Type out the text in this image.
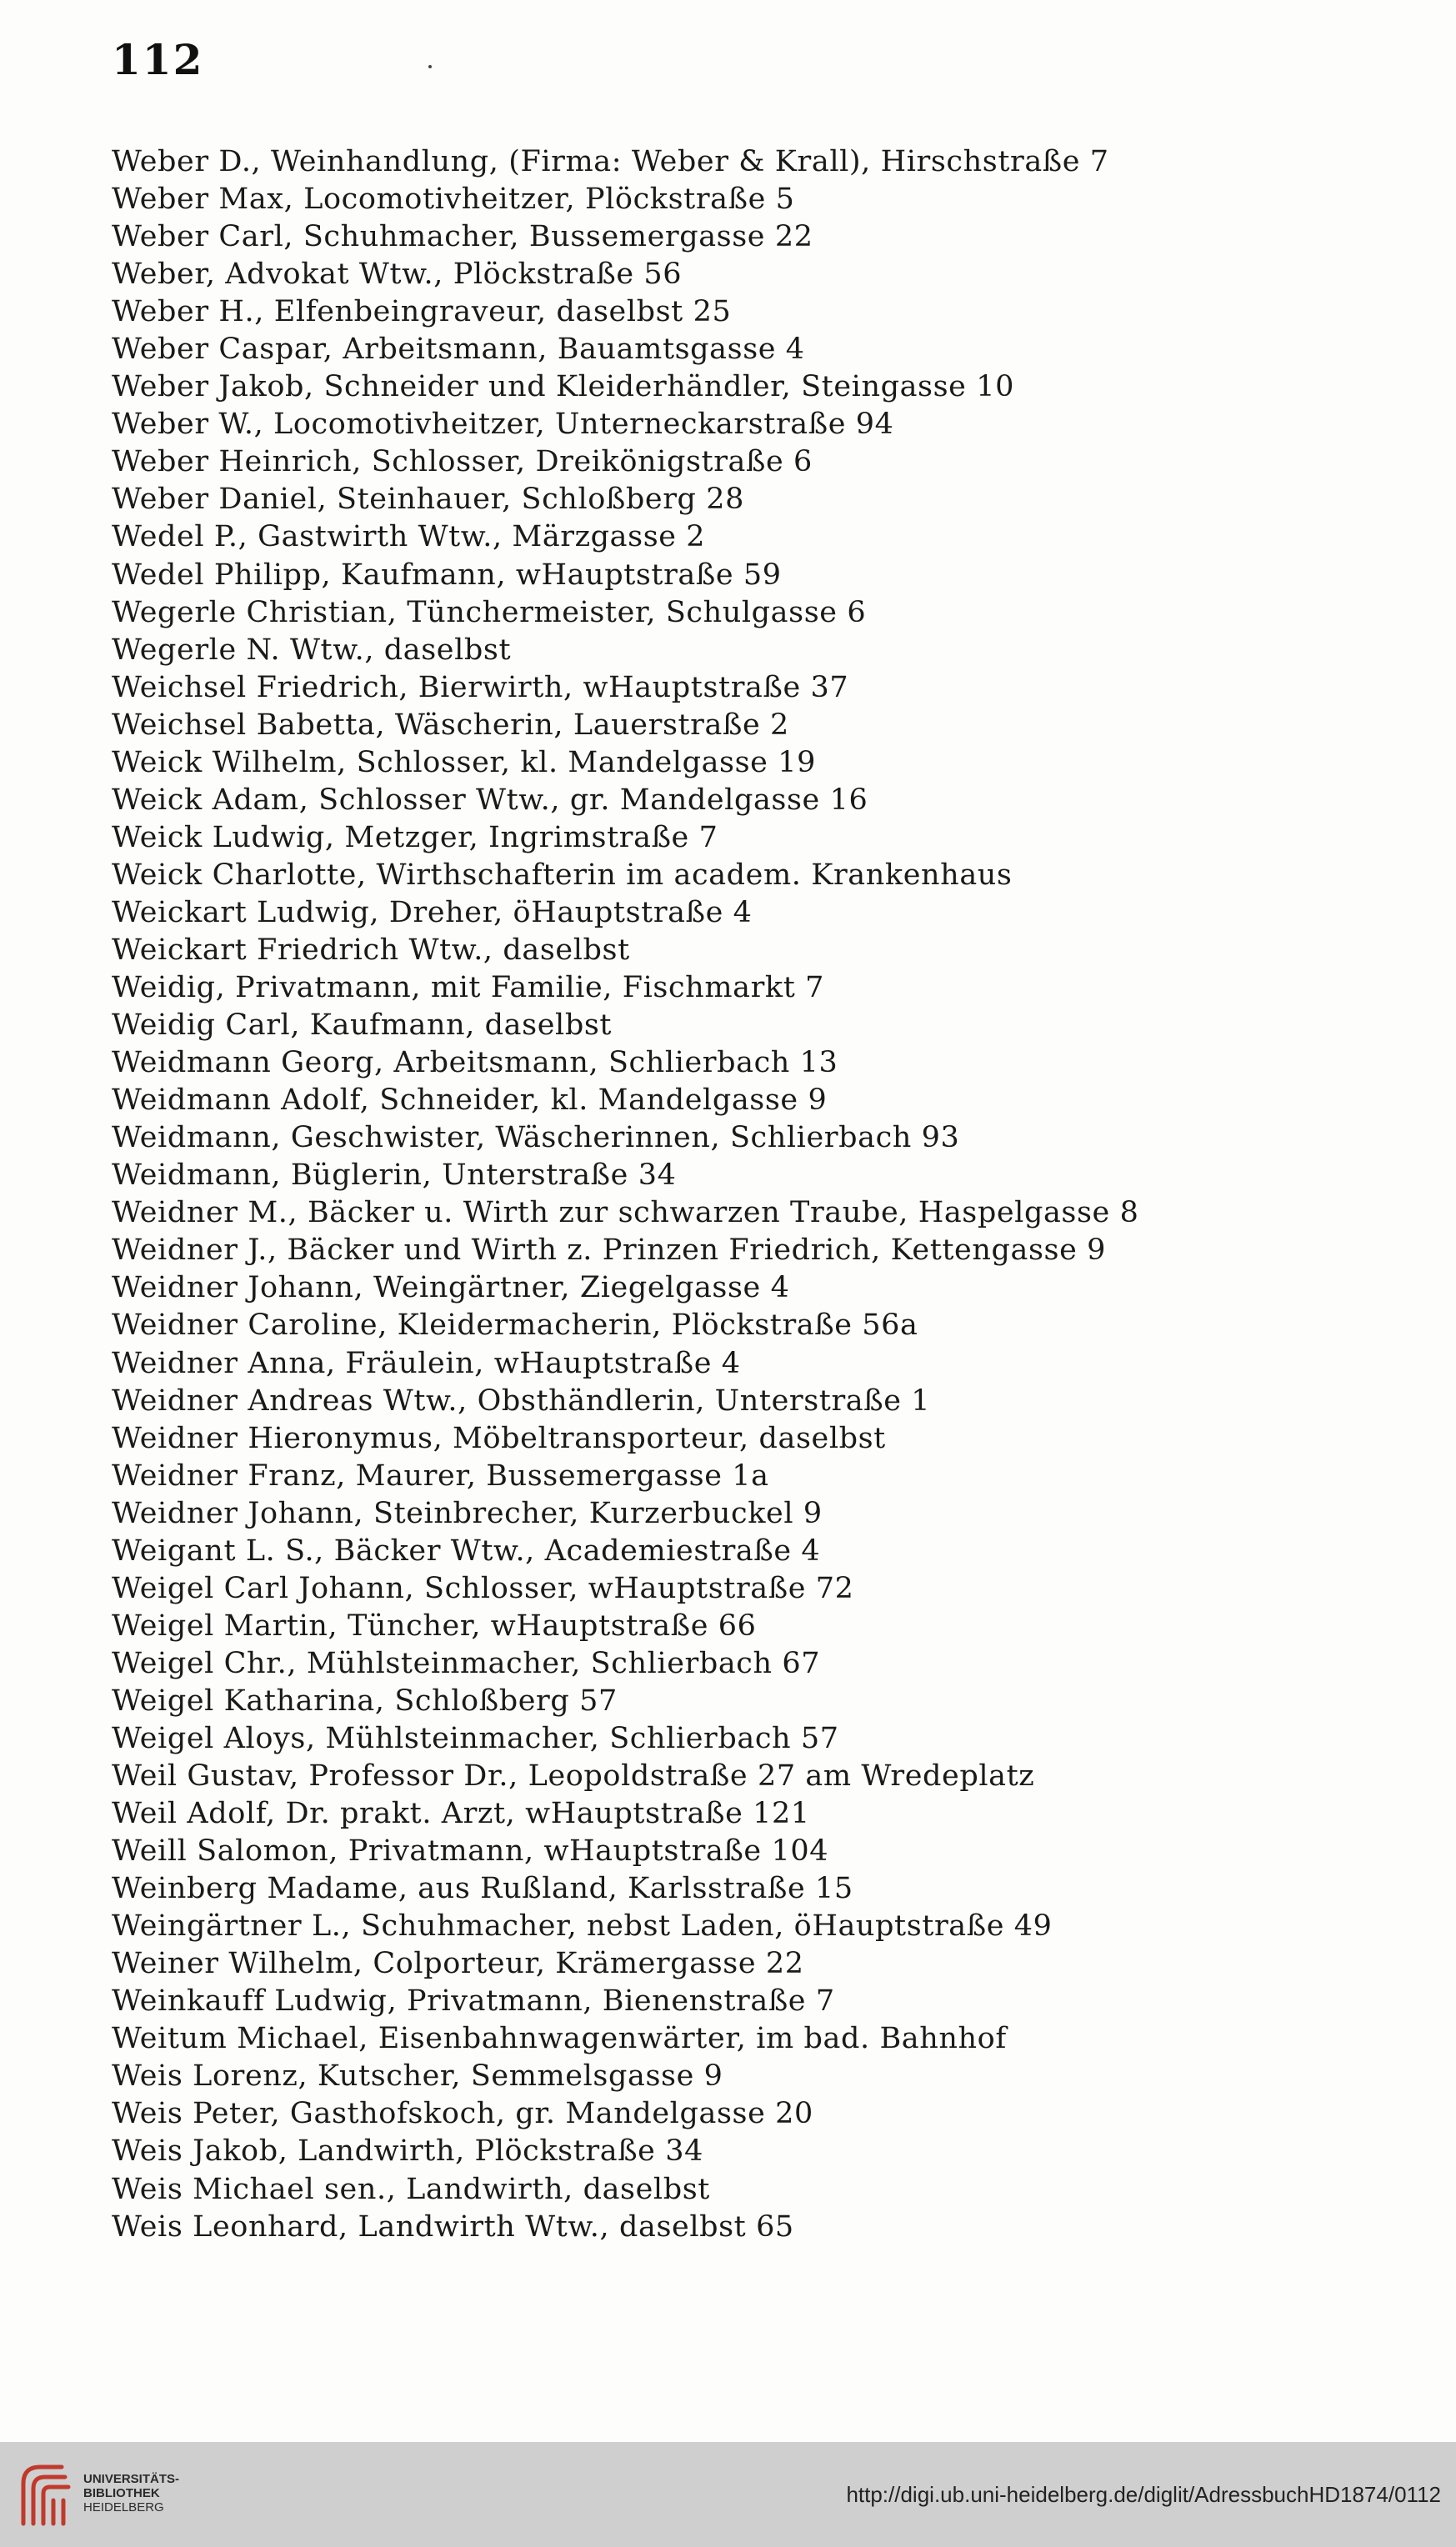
112
Weber D., Weinhandlung, (Firma: Weber & Krall), Hirschstraße 7
Weber Max, Locomotivheitzer, Plöckstraße 5
Weber Carl, Schuhmacher, Bussemergasse 22
Weber, Advokat Wtw., Plöckstraße 56
Weber H., Elfenbeingraveur, daselbst 25
Weber Caspar, Arbeitsmann, Bauamtsgasse 4
Weber Jakob, Schneider und Kleiderhändler, Steingasse 10
Weber W., Locomotivheitzer, Unterneckarstraße 94
Weber Heinrich, Schlosser, Dreikönigstraße 6
Weber Daniel, Steinhauer, Schloßberg 28
Wedel P., Gastwirth Wtw., Märzgasse 2
Wedel Philipp, Kaufmann, wHauptstraße 59
Wegerle Christian, Tünchermeister, Schulgasse 6
Wegerle N. Wtw., daselbst
Weichsel Friedrich, Bierwirth, wHauptstraße 37
Weichsel Babetta, Wäscherin, Lauerstraße 2
Weick Wilhelm, Schlosser, kl. Mandelgasse 19
Weick Adam, Schlosser Wtw., gr. Mandelgasse 16
Weick Ludwig, Metzger, Ingrimstraße 7
Weick Charlotte, Wirthschafterin im academ. Krankenhaus
Weickart Ludwig, Dreher, öHauptstraße 4
Weickart Friedrich Wtw., daselbst
Weidig, Privatmann, mit Familie, Fischmarkt 7
Weidig Carl, Kaufmann, daselbst
Weidmann Georg, Arbeitsmann, Schlierbach 13
Weidmann Adolf, Schneider, kl. Mandelgasse 9
Weidmann, Geschwister, Wäscherinnen, Schlierbach 93
Weidmann, Büglerin, Unterstraße 34
Weidner M., Bäcker u. Wirth zur schwarzen Traube, Haspelgasse 8
Weidner J., Bäcker und Wirth z. Prinzen Friedrich, Kettengasse 9
Weidner Johann, Weingärtner, Ziegelgasse 4
Weidner Caroline, Kleidermacherin, Plöckstraße 56a
Weidner Anna, Fräulein, wHauptstraße 4
Weidner Andreas Wtw., Obsthändlerin, Unterstraße 1
Weidner Hieronymus, Möbeltransporteur, daselbst
Weidner Franz, Maurer, Bussemergasse 1a
Weidner Johann, Steinbrecher, Kurzerbuckel 9
Weigant L. S., Bäcker Wtw., Academiestraße 4
Weigel Carl Johann, Schlosser, wHauptstraße 72
Weigel Martin, Tüncher, wHauptstraße 66
Weigel Chr., Mühlsteinmacher, Schlierbach 67
Weigel Katharina, Schloßberg 57
Weigel Aloys, Mühlsteinmacher, Schlierbach 57
Weil Gustav, Professor Dr., Leopoldstraße 27 am Wredeplatz
Weil Adolf, Dr. prakt. Arzt, wHauptstraße 121
Weill Salomon, Privatmann, wHauptstraße 104
Weinberg Madame, aus Rußland, Karlsstraße 15
Weingärtner L., Schuhmacher, nebst Laden, öHauptstraße 49
Weiner Wilhelm, Colporteur, Krämergasse 22
Weinkauff Ludwig, Privatmann, Bienenstraße 7
Weitum Michael, Eisenbahnwagenwärter, im bad. Bahnhof
Weis Lorenz, Kutscher, Semmelsgasse 9
Weis Peter, Gasthofskoch, gr. Mandelgasse 20
Weis Jakob, Landwirth, Plöckstraße 34
Weis Michael sen., Landwirth, daselbst
Weis Leonhard, Landwirth Wtw., daselbst 65
UNIVERSITÄTS-
BIBLIOTHEK
HEIDELBERG
http://digi.ub.uni-heidelberg.de/diglit/AdressbuchHD1874/0112
